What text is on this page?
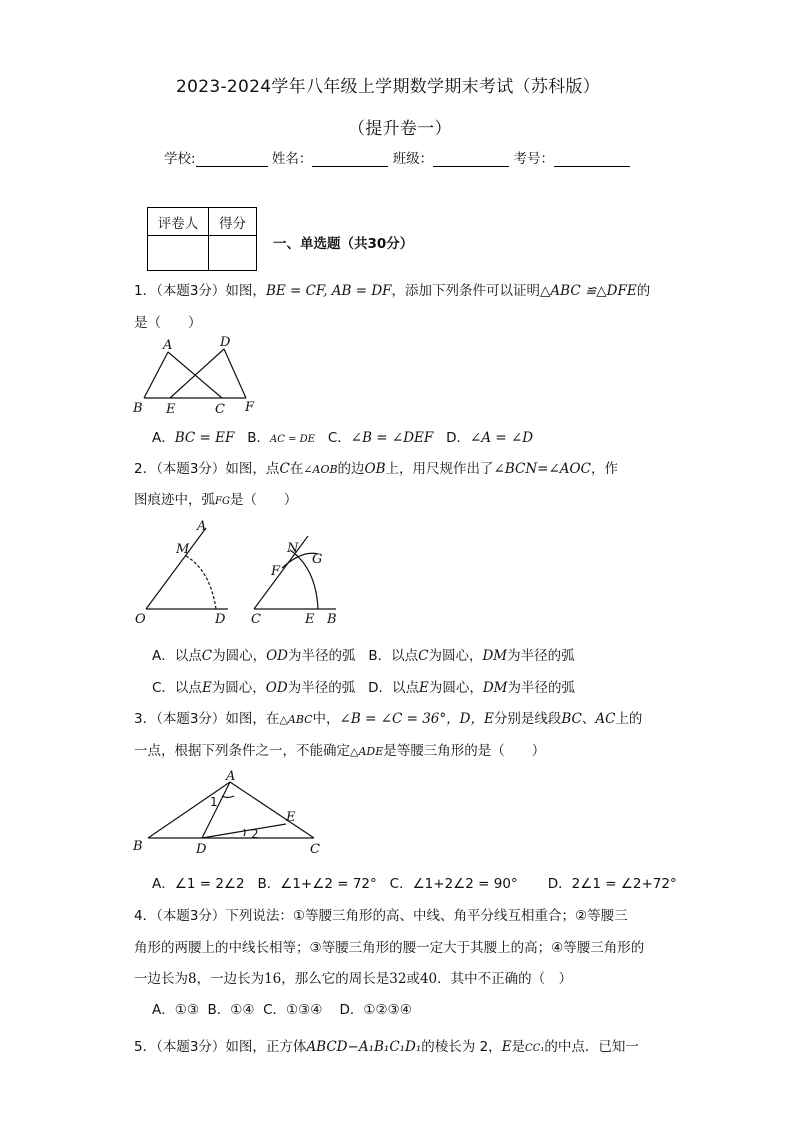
2023-2024学年八年级上学期数学期末考试（苏科版）
（提升卷一）
学校:	姓名：	班级：	考号：
评卷人	得分

一、单选题（共30分）
1．（本题3分）如图，BE = CF, AB = DF，添加下列条件可以证明△ABC ≌△DFE的
是（　　）
A	D
B E	C F
A．BC = EF B．AC = DE C．∠B = ∠DEF D．∠A = ∠D
2．（本题3分）如图，点C在∠AOB的边OB上，用尺规作出了∠BCN=∠AOC，作
图痕迹中，弧FG是（　　）
A
M
O	D
N
G
F
C	E B
A．以点C为圆心，OD为半径的弧 B．以点C为圆心，DM为半径的弧
C．以点E为圆心，OD为半径的弧 D．以点E为圆心，DM为半径的弧
3．（本题3分）如图，在△ABC中，∠B = ∠C = 36°，D，E分别是线段BC、AC上的
一点，根据下列条件之一，不能确定△ADE是等腰三角形的是（　　）
A
1
E
2
B	D	C
A．∠1 = 2∠2 B．∠1+∠2 = 72° C．∠1+2∠2 = 90° D．2∠1 = ∠2+72°
4．（本题3分）下列说法：①等腰三角形的高、中线、角平分线互相重合；②等腰三
角形的两腰上的中线长相等；③等腰三角形的腰一定大于其腰上的高；④等腰三角形的
一边长为8，一边长为16，那么它的周长是32或40．其中不正确的（　）
A．①③ B．①④ C．①③④ D．①②③④
5．（本题3分）如图，正方体ABCD−A₁B₁C₁D₁的棱长为 2，E是CC₁的中点．已知一
